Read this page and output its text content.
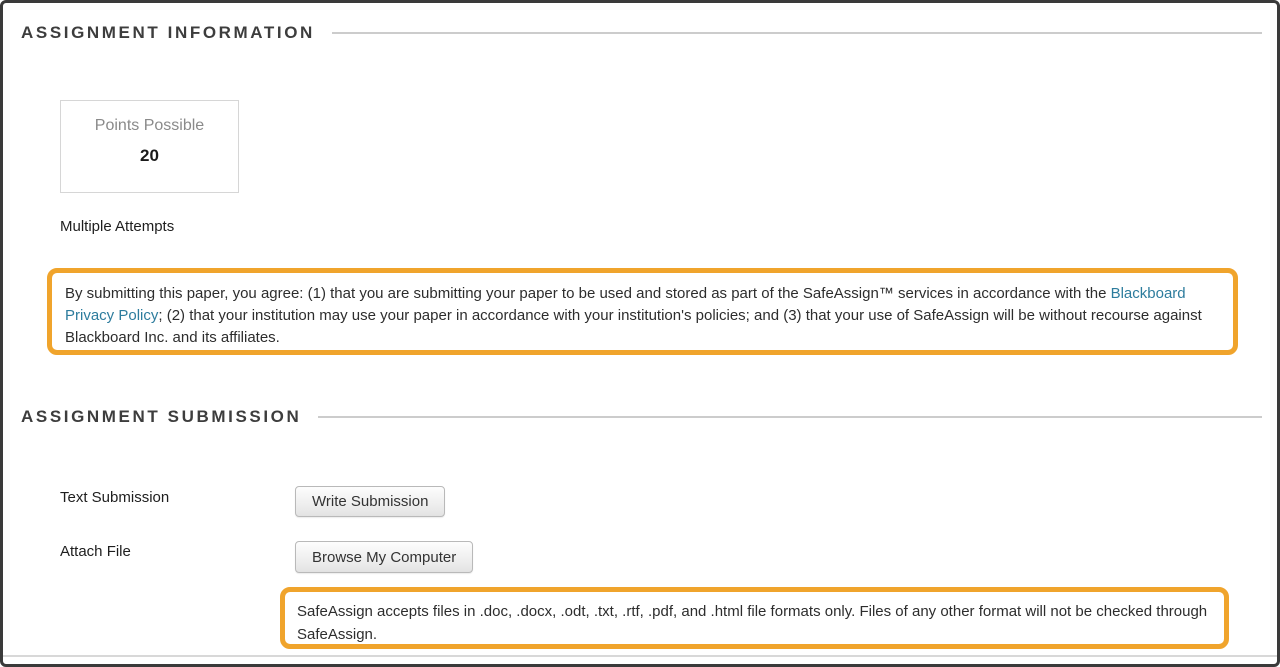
ASSIGNMENT INFORMATION
Points Possible
20
Multiple Attempts
By submitting this paper, you agree: (1) that you are submitting your paper to be used and stored as part of the SafeAssign™ services in accordance with the Blackboard Privacy Policy; (2) that your institution may use your paper in accordance with your institution's policies; and (3) that your use of SafeAssign will be without recourse against Blackboard Inc. and its affiliates.
ASSIGNMENT SUBMISSION
Text Submission	Write Submission
Attach File	Browse My Computer
SafeAssign accepts files in .doc, .docx, .odt, .txt, .rtf, .pdf, and .html file formats only. Files of any other format will not be checked through SafeAssign.
